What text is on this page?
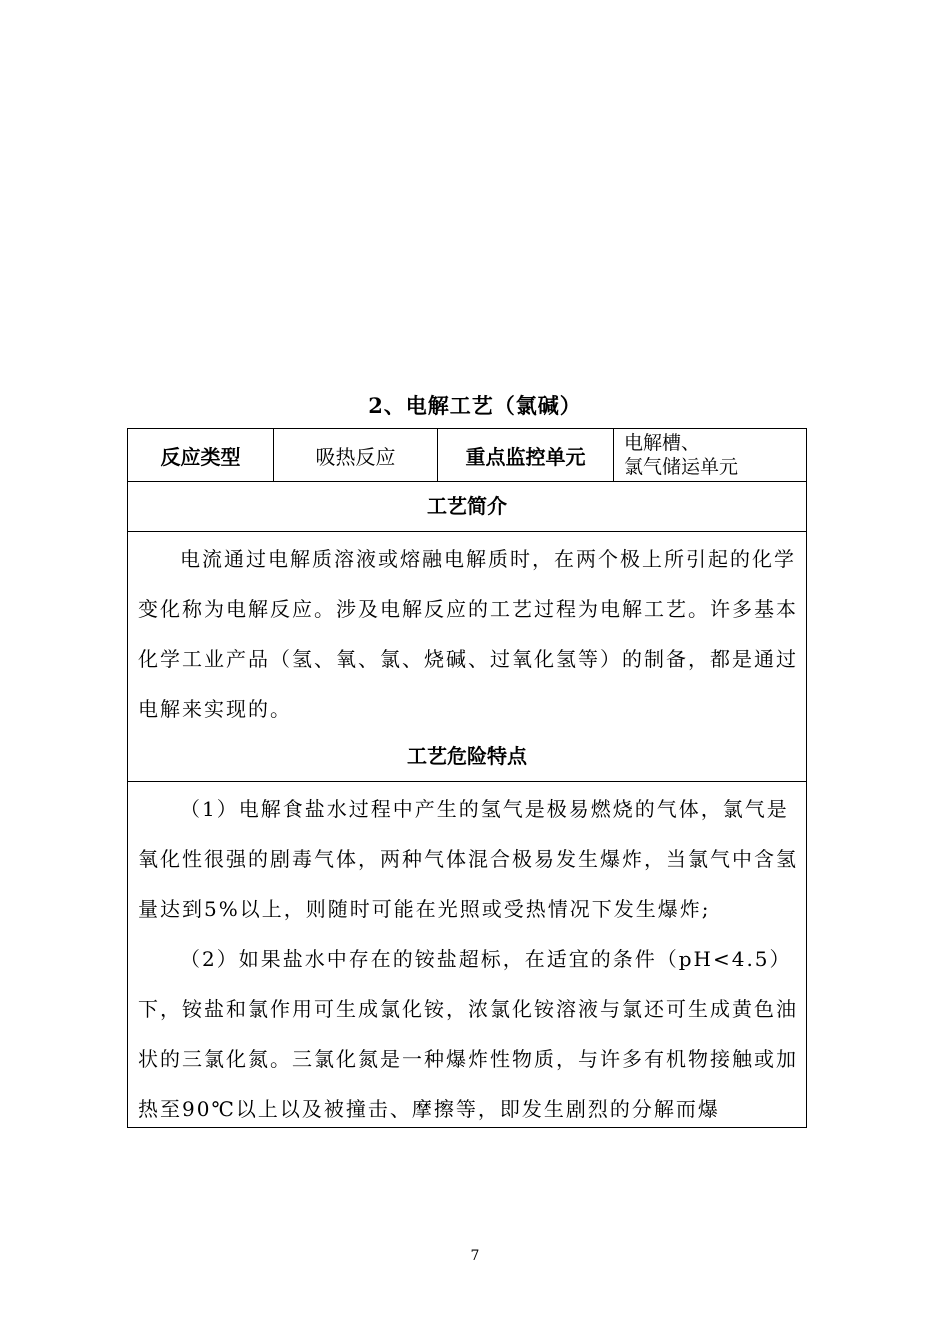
2、电解工艺（氯碱）
反应类型	吸热反应	重点监控单元
电解槽、
氯气储运单元
工艺简介

电流通过电解质溶液或熔融电解质时，在两个极上所引起的化学变化称为电解反应。涉及电解反应的工艺过程为电解工艺。许多基本化学工业产品（氢、氧、氯、烧碱、过氧化氢等）的制备，都是通过电解来实现的。

工艺危险特点

（1）电解食盐水过程中产生的氢气是极易燃烧的气体，氯气是氧化性很强的剧毒气体，两种气体混合极易发生爆炸，当氯气中含氢量达到5%以上，则随时可能在光照或受热情况下发生爆炸;

（2）如果盐水中存在的铵盐超标，在适宜的条件（pH<4.5）下，铵盐和氯作用可生成氯化铵，浓氯化铵溶液与氯还可生成黄色油状的三氯化氮。三氯化氮是一种爆炸性物质，与许多有机物接触或加热至90℃以上以及被撞击、摩擦等，即发生剧烈的分解而爆

7
